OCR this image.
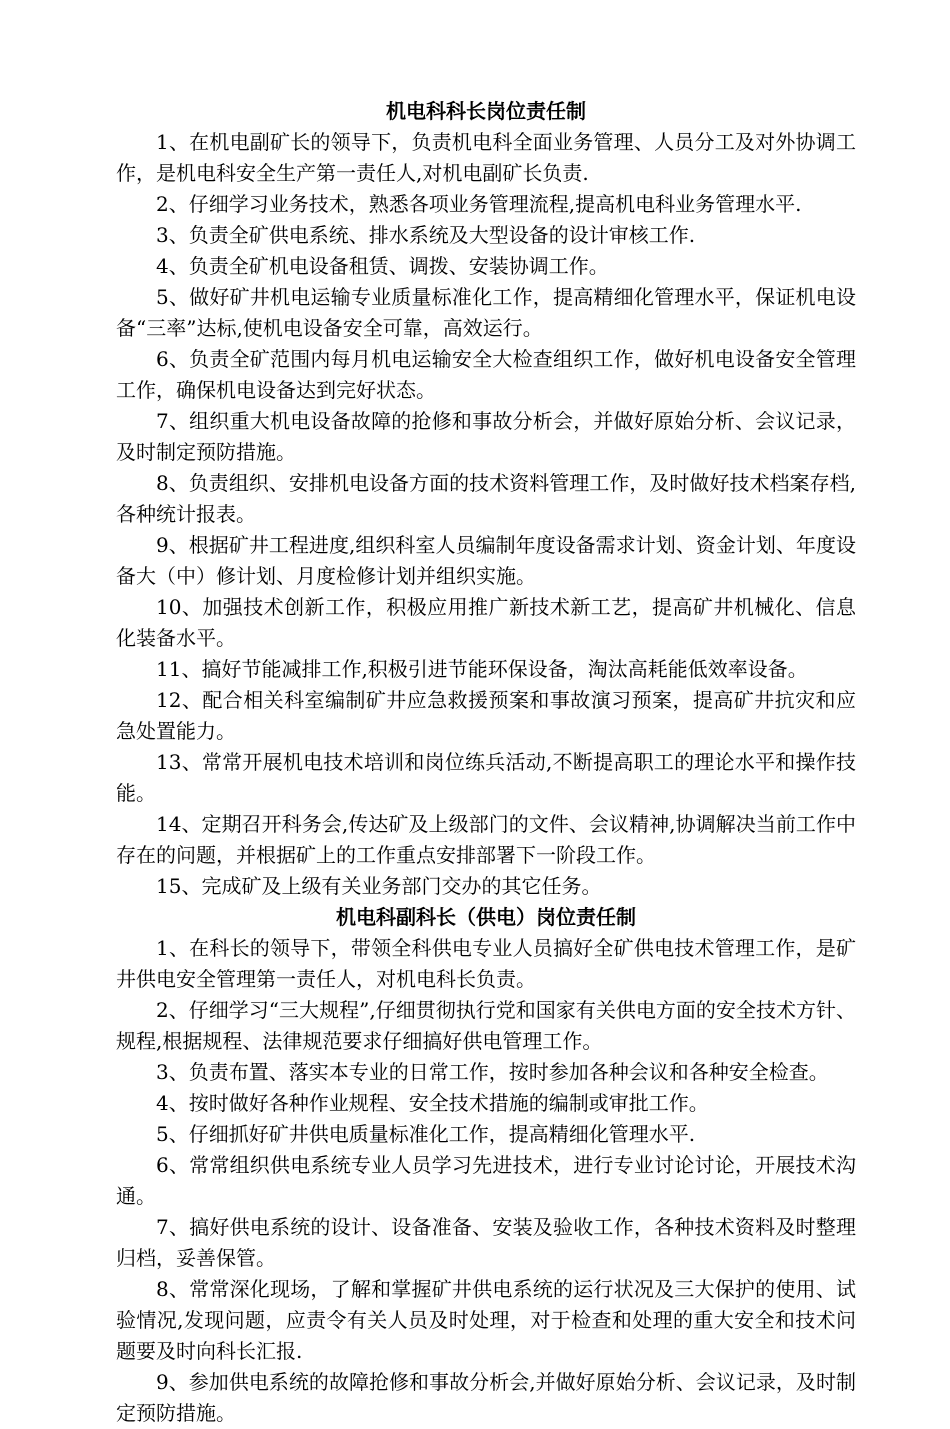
机电科科长岗位责任制

1、在机电副矿长的领导下，负责机电科全面业务管理、人员分工及对外协调工作，是机电科安全生产第一责任人,对机电副矿长负责.

2、仔细学习业务技术，熟悉各项业务管理流程,提高机电科业务管理水平.

3、负责全矿供电系统、排水系统及大型设备的设计审核工作.

4、负责全矿机电设备租赁、调拨、安装协调工作。

5、做好矿井机电运输专业质量标准化工作，提高精细化管理水平，保证机电设备“三率”达标,使机电设备安全可靠，高效运行。

6、负责全矿范围内每月机电运输安全大检查组织工作，做好机电设备安全管理工作，确保机电设备达到完好状态。

7、组织重大机电设备故障的抢修和事故分析会，并做好原始分析、会议记录，及时制定预防措施。

8、负责组织、安排机电设备方面的技术资料管理工作，及时做好技术档案存档,各种统计报表。

9、根据矿井工程进度,组织科室人员编制年度设备需求计划、资金计划、年度设备大（中）修计划、月度检修计划并组织实施。

10、加强技术创新工作，积极应用推广新技术新工艺，提高矿井机械化、信息化装备水平。

11、搞好节能减排工作,积极引进节能环保设备，淘汰高耗能低效率设备。

12、配合相关科室编制矿井应急救援预案和事故演习预案，提高矿井抗灾和应急处置能力。

13、常常开展机电技术培训和岗位练兵活动,不断提高职工的理论水平和操作技能。

14、定期召开科务会,传达矿及上级部门的文件、会议精神,协调解决当前工作中存在的问题，并根据矿上的工作重点安排部署下一阶段工作。

15、完成矿及上级有关业务部门交办的其它任务。

机电科副科长（供电）岗位责任制

1、在科长的领导下，带领全科供电专业人员搞好全矿供电技术管理工作，是矿井供电安全管理第一责任人，对机电科长负责。

2、仔细学习“三大规程”,仔细贯彻执行党和国家有关供电方面的安全技术方针、规程,根据规程、法律规范要求仔细搞好供电管理工作。

3、负责布置、落实本专业的日常工作，按时参加各种会议和各种安全检查。

4、按时做好各种作业规程、安全技术措施的编制或审批工作。

5、仔细抓好矿井供电质量标准化工作，提高精细化管理水平.

6、常常组织供电系统专业人员学习先进技术，进行专业讨论讨论，开展技术沟通。

7、搞好供电系统的设计、设备准备、安装及验收工作，各种技术资料及时整理归档，妥善保管。

8、常常深化现场，了解和掌握矿井供电系统的运行状况及三大保护的使用、试验情况,发现问题，应责令有关人员及时处理，对于检查和处理的重大安全和技术问题要及时向科长汇报.

9、参加供电系统的故障抢修和事故分析会,并做好原始分析、会议记录，及时制定预防措施。
